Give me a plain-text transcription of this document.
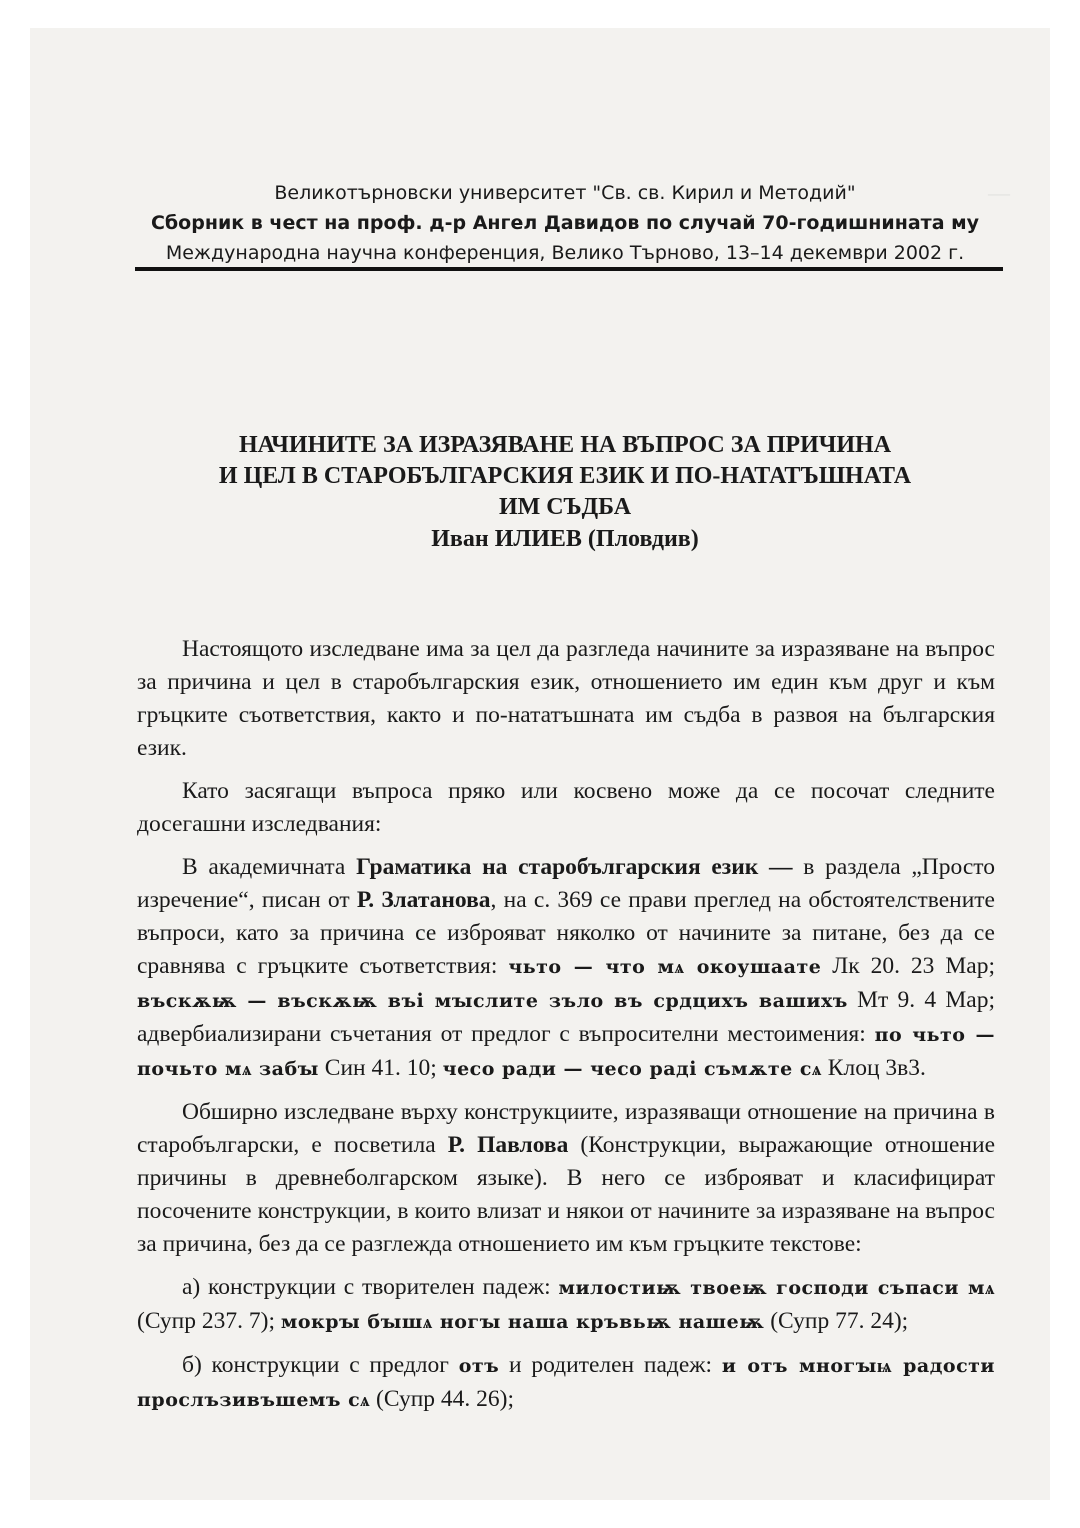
—

Великотърновски университет "Св. св. Кирил и Методий"
Сборник в чест на проф. д-р Ангел Давидов по случай 70-годишнината му
Международна научна конференция, Велико Търново, 13–14 декември 2002 г.
НАЧИНИТЕ ЗА ИЗРАЗЯВАНЕ НА ВЪПРОС ЗА ПРИЧИНА
И ЦЕЛ В СТАРОБЪЛГАРСКИЯ ЕЗИК И ПО-НАТАТЪШНАТА
ИМ СЪДБА
Иван ИЛИЕВ (Пловдив)

Настоящото изследване има за цел да разгледа начините за изразяване на въпрос за причина и цел в старобългарския език, отношението им един към друг и към гръцките съответствия, както и по-нататъшната им съдба в развоя на българския език.

Като засягащи въпроса пряко или косвено може да се посочат следните досегашни изследвания:

В академичната Граматика на старобългарския език — в раздела „Просто изречение“, писан от Р. Златанова, на с. 369 се прави преглед на обстоятелствените въпроси, като за причина се изброяват няколко от начините за питане, без да се сравнява с гръцките съответствия: чьто — что мѧ окоушаате Лк 20. 23 Мар; въскѫѭ — въскѫѭ въі мꙑслите зъло въ срдцихъ вашихъ Мт 9. 4 Мар; адвербиализирани съчетания от предлог с въпросителни местоимения: по чьто — почьто мѧ забꙑ Син 41. 10; чесо ради — чесо раді съмѫте сѧ Клоц 3в3.

Обширно изследване върху конструкциите, изразяващи отношение на причина в старобългарски, е посветила Р. Павлова (Конструкции, выражающие отношение причины в древнеболгарском языке). В него се изброяват и класифицират посочените конструкции, в които влизат и някои от начините за изразяване на въпрос за причина, без да се разглежда отношението им към гръцките текстове:

а) конструкции с творителен падеж: милостиѭ твоеѭ господи съпаси мѧ (Супр 237. 7); мокрꙑ бꙑшѧ ногꙑ наша кръвьѭ нашеѭ (Супр 77. 24);

б) конструкции с предлог отъ и родителен падеж: и отъ многꙑѩ радости прослъзивъшемъ сѧ (Супр 44. 26);
